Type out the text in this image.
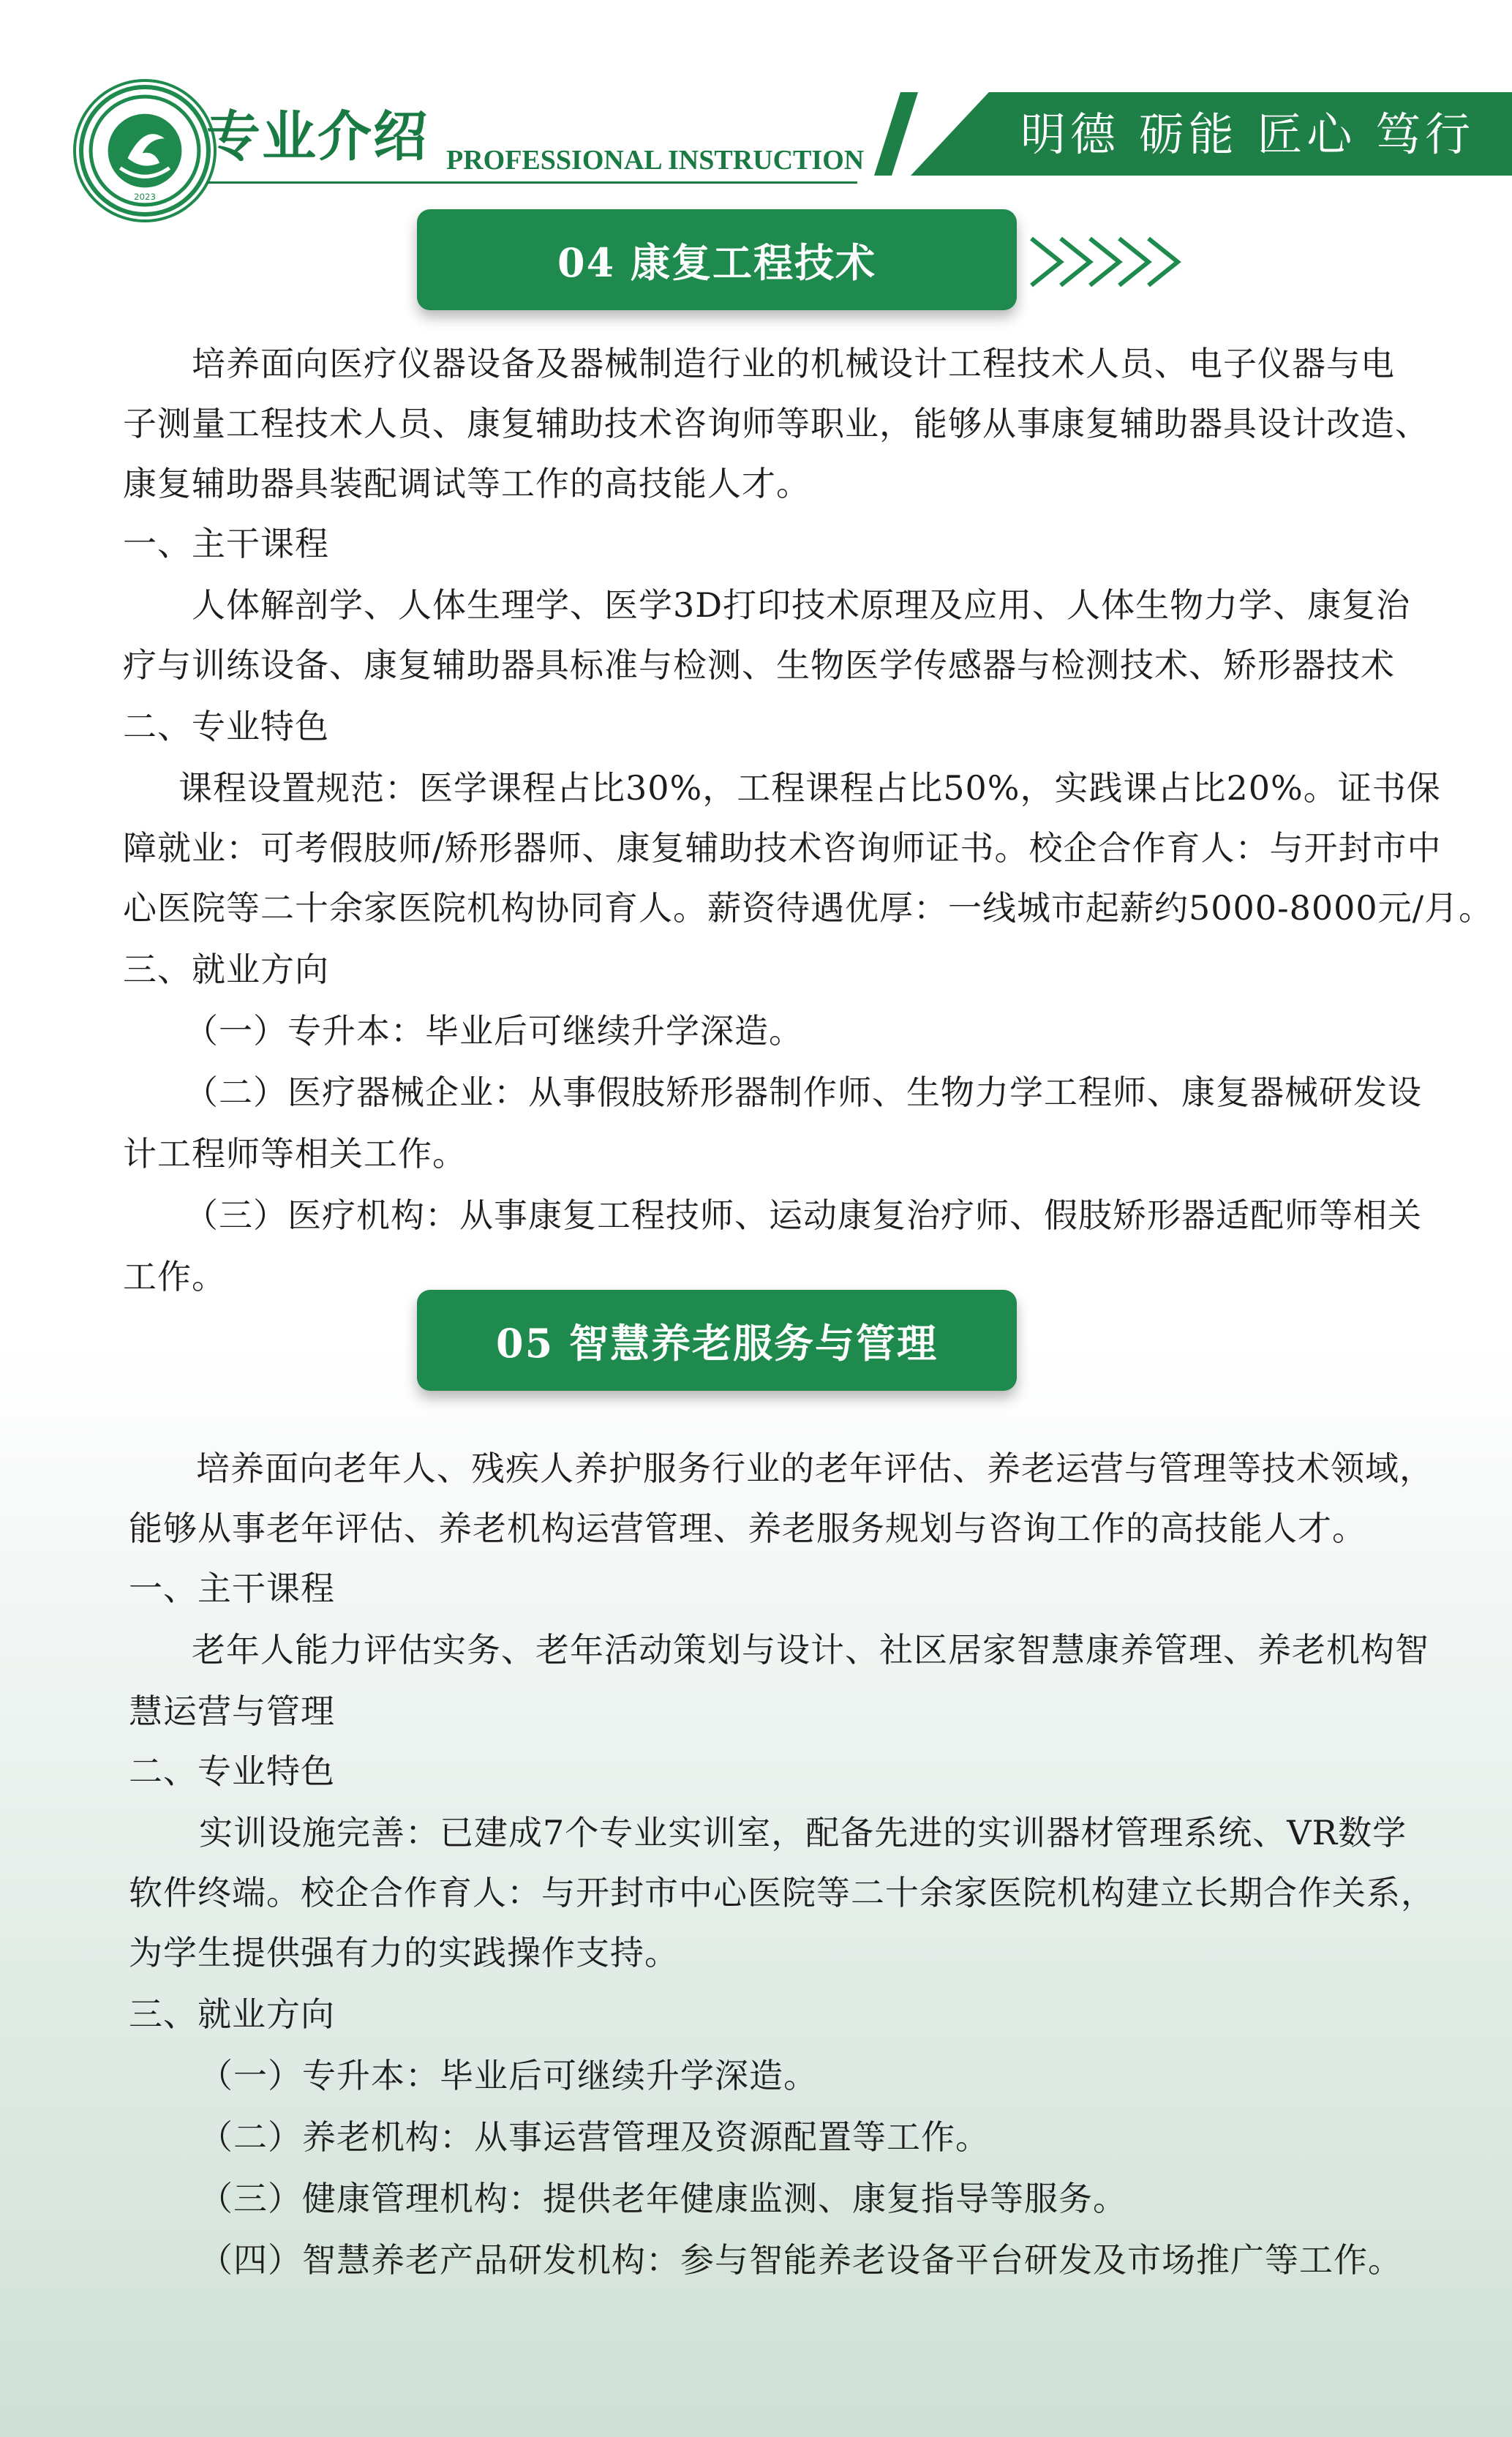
2023
专业介绍 PROFESSIONAL INSTRUCTION	明德 砺能 匠心 笃行
04 康复工程技术
培养面向医疗仪器设备及器械制造行业的机械设计工程技术人员、电子仪器与电
子测量工程技术人员、康复辅助技术咨询师等职业，能够从事康复辅助器具设计改造、
康复辅助器具装配调试等工作的高技能人才。
一、主干课程
人体解剖学、人体生理学、医学3D打印技术原理及应用、人体生物力学、康复治
疗与训练设备、康复辅助器具标准与检测、生物医学传感器与检测技术、矫形器技术
二、专业特色
课程设置规范：医学课程占比30%，工程课程占比50%，实践课占比20%。证书保
障就业：可考假肢师/矫形器师、康复辅助技术咨询师证书。校企合作育人：与开封市中
心医院等二十余家医院机构协同育人。薪资待遇优厚：一线城市起薪约5000-8000元/月。
三、就业方向
（一）专升本：毕业后可继续升学深造。
（二）医疗器械企业：从事假肢矫形器制作师、生物力学工程师、康复器械研发设
计工程师等相关工作。
（三）医疗机构：从事康复工程技师、运动康复治疗师、假肢矫形器适配师等相关
工作。
05 智慧养老服务与管理
培养面向老年人、残疾人养护服务行业的老年评估、养老运营与管理等技术领域，
能够从事老年评估、养老机构运营管理、养老服务规划与咨询工作的高技能人才。
一、主干课程
老年人能力评估实务、老年活动策划与设计、社区居家智慧康养管理、养老机构智
慧运营与管理
二、专业特色
实训设施完善：已建成7个专业实训室，配备先进的实训器材管理系统、VR数学
软件终端。校企合作育人：与开封市中心医院等二十余家医院机构建立长期合作关系，
为学生提供强有力的实践操作支持。
三、就业方向
（一）专升本：毕业后可继续升学深造。
（二）养老机构：从事运营管理及资源配置等工作。
（三）健康管理机构：提供老年健康监测、康复指导等服务。
（四）智慧养老产品研发机构：参与智能养老设备平台研发及市场推广等工作。
